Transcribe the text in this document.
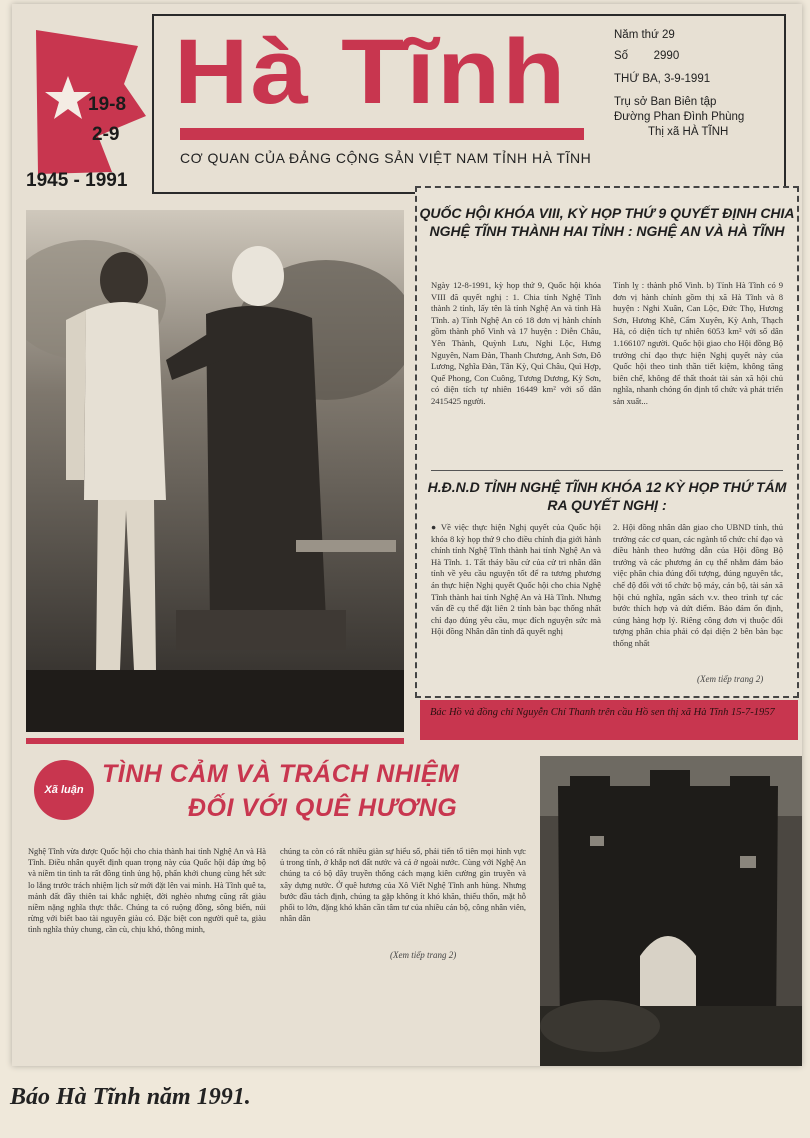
19-8
2-9
1945 - 1991
Hà Tĩnh
CƠ QUAN CỦA ĐẢNG CỘNG SẢN VIỆT NAM TỈNH HÀ TĨNH
Năm thứ 29
Số        2990
THỨ BA, 3-9-1991
Trụ sở Ban Biên tập
Đường Phan Đình Phùng
Thị xã HÀ TĨNH
QUỐC HỘI KHÓA VIII, KỲ HỌP THỨ 9 QUYẾT ĐỊNH CHIA NGHỆ TĨNH THÀNH HAI TỈNH : NGHỆ AN VÀ HÀ TĨNH
Ngày 12-8-1991, kỳ họp thứ 9, Quốc hội khóa VIII đã quyết nghị : 1. Chia tỉnh Nghệ Tĩnh thành 2 tỉnh, lấy tên là tỉnh Nghệ An và tỉnh Hà Tĩnh. a) Tỉnh Nghệ An có 18 đơn vị hành chính gồm thành phố Vinh và 17 huyện : Diễn Châu, Yên Thành, Quỳnh Lưu, Nghi Lộc, Hưng Nguyên, Nam Đàn, Thanh Chương, Anh Sơn, Đô Lương, Nghĩa Đàn, Tân Kỳ, Quì Châu, Quì Hợp, Quế Phong, Con Cuông, Tương Dương, Kỳ Sơn, có diện tích tự nhiên 16449 km² với số dân 2415425 người.
Tỉnh lỵ : thành phố Vinh. b) Tỉnh Hà Tĩnh có 9 đơn vị hành chính gồm thị xã Hà Tĩnh và 8 huyện : Nghi Xuân, Can Lộc, Đức Thọ, Hương Sơn, Hương Khê, Cẩm Xuyên, Kỳ Anh, Thạch Hà, có diện tích tự nhiên 6053 km² với số dân 1.166107 người. Quốc hội giao cho Hội đồng Bộ trưởng chỉ đạo thực hiện Nghị quyết này của Quốc hội theo tinh thần tiết kiệm, không tăng biên chế, không để thất thoát tài sản xã hội chủ nghĩa, nhanh chóng ổn định tổ chức và phát triển sản xuất...
H.Đ.N.D TỈNH NGHỆ TĨNH KHÓA 12 KỲ HỌP THỨ TÁM RA QUYẾT NGHỊ :
● Về việc thực hiện Nghị quyết của Quốc hội khóa 8 kỳ họp thứ 9 cho điều chỉnh địa giới hành chính tỉnh Nghệ Tĩnh thành hai tỉnh Nghệ An và Hà Tĩnh. 1. Tất thảy bầu cử của cử tri nhân dân tỉnh về yêu cầu nguyện tốt để ra tương phương án thực hiện Nghị quyết Quốc hội cho chia Nghệ Tĩnh thành hai tỉnh Nghệ An và Hà Tĩnh. Nhưng vấn đề cụ thể đặt liên 2 tỉnh bàn bạc thống nhất chỉ đạo đúng yêu cầu, mục đích nguyện sức mà Hội đồng Nhân dân tỉnh đã quyết nghị
2. Hội đồng nhân dân giao cho UBND tỉnh, thủ trưởng các cơ quan, các ngành tổ chức chỉ đạo và điều hành theo hướng dẫn của Hội đồng Bộ trưởng và các phương án cụ thể nhằm đảm bảo việc phân chia đúng đối tượng, đúng nguyên tắc, chế độ đối với tổ chức bộ máy, cán bộ, tài sản xã hội chủ nghĩa, ngân sách v.v. theo trình tự các bước thích hợp và dứt điểm. Bảo đảm ổn định, củng hàng hợp lý. Riêng công đơn vị thuộc đối tượng phân chia phải có đại diện 2 bên bàn bạc thống nhất
(Xem tiếp trang 2)
Bác Hồ và đồng chí Nguyễn Chí Thanh trên cầu Hồ sen thị xã Hà Tĩnh 15-7-1957
Xã luận
TÌNH CẢM VÀ TRÁCH NHIỆM
ĐỐI VỚI QUÊ HƯƠNG
Nghệ Tĩnh vừa được Quốc hội cho chia thành hai tỉnh Nghệ An và Hà Tĩnh. Điều nhân quyết định quan trọng này của Quốc hội đáp ứng bộ và niềm tin tình ta rất đồng tình ủng hộ, phấn khởi chung cùng hết sức lo lắng trước trách nhiệm lịch sử mới đặt lên vai mình. Hà Tĩnh quê ta, mảnh đất đầy thiên tai khắc nghiệt, đời nghèo nhưng cũng rất giàu niềm nặng nghĩa thực thắc. Chúng ta có ruộng đồng, sông biển, núi rừng với biết bao tài nguyên giàu có. Đặc biệt con người quê ta, giàu tình nghĩa thủy chung, cần cù, chịu khó, thông minh,
chúng ta còn có rất nhiều giàn sự hiểu số, phải tiến tổ tiên mọi hình vực ủ trong tỉnh, ở khắp nơi đất nước và cả ở ngoài nước. Cùng với Nghệ An chúng ta có bộ dây truyền thống cách mạng kiên cường gìn truyền và xây dựng nước. Ở quê hương của Xô Viết Nghệ Tĩnh anh hùng. Nhưng bước đầu tách định, chúng ta gặp không ít khó khăn, thiếu thốn, mặt hỗ phối to lớn, đặng khó khăn cần tâm tư của nhiều cán bộ, công nhân viên, nhân dân
(Xem tiếp trang 2)
Báo Hà Tĩnh năm 1991.
